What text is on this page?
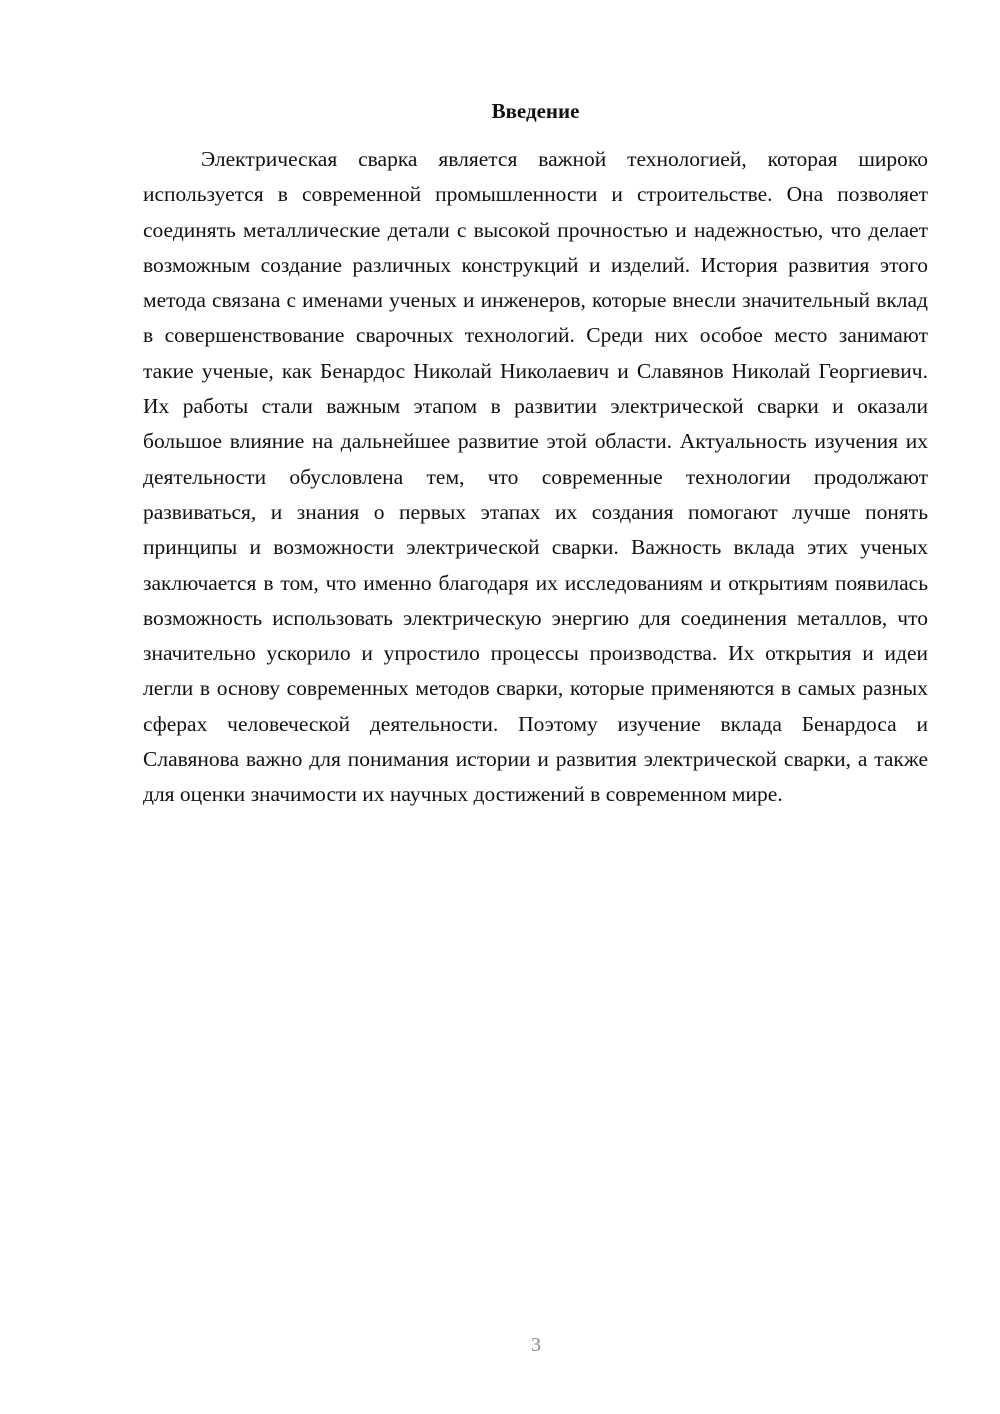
Введение

Электрическая сварка является важной технологией, которая широко используется в современной промышленности и строительстве. Она позволяет соединять металлические детали с высокой прочностью и надежностью, что делает возможным создание различных конструкций и изделий. История развития этого метода связана с именами ученых и инженеров, которые внесли значительный вклад в совершенствование сварочных технологий. Среди них особое место занимают такие ученые, как Бенардос Николай Николаевич и Славянов Николай Георгиевич. Их работы стали важным этапом в развитии электрической сварки и оказали большое влияние на дальнейшее развитие этой области. Актуальность изучения их деятельности обусловлена тем, что современные технологии продолжают развиваться, и знания о первых этапах их создания помогают лучше понять принципы и возможности электрической сварки. Важность вклада этих ученых заключается в том, что именно благодаря их исследованиям и открытиям появилась возможность использовать электрическую энергию для соединения металлов, что значительно ускорило и упростило процессы производства. Их открытия и идеи легли в основу современных методов сварки, которые применяются в самых разных сферах человеческой деятельности. Поэтому изучение вклада Бенардоса и Славянова важно для понимания истории и развития электрической сварки, а также для оценки значимости их научных достижений в современном мире.

3
